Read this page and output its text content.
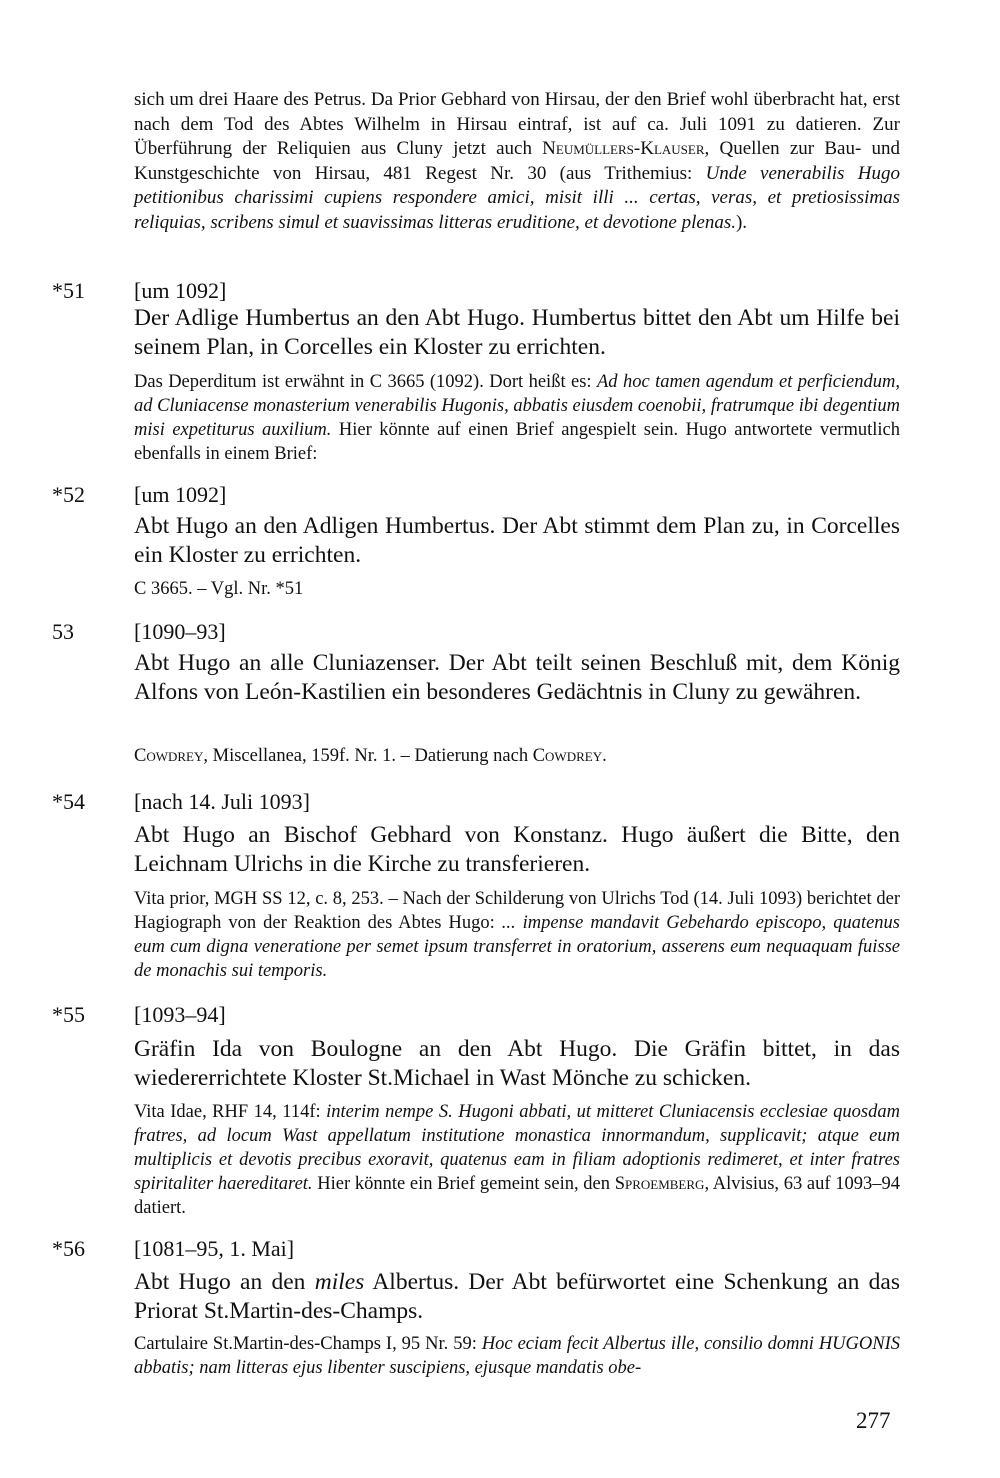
sich um drei Haare des Petrus. Da Prior Gebhard von Hirsau, der den Brief wohl überbracht hat, erst nach dem Tod des Abtes Wilhelm in Hirsau eintraf, ist auf ca. Juli 1091 zu datieren. Zur Überführung der Reliquien aus Cluny jetzt auch Neumüllers-Klauser, Quellen zur Bau- und Kunstgeschichte von Hirsau, 481 Regest Nr. 30 (aus Trithemius: Unde venerabilis Hugo petitionibus charissimi cupiens respondere amici, misit illi ... certas, veras, et pretiosissimas reliquias, scribens simul et suavissimas litteras eruditione, et devotione plenas.).

*51 [um 1092]

Der Adlige Humbertus an den Abt Hugo. Humbertus bittet den Abt um Hilfe bei seinem Plan, in Corcelles ein Kloster zu errichten.

Das Deperditum ist erwähnt in C 3665 (1092). Dort heißt es: Ad hoc tamen agendum et perficiendum, ad Cluniacense monasterium venerabilis Hugonis, abbatis eiusdem coenobii, fratrumque ibi degentium misi expetiturus auxilium. Hier könnte auf einen Brief angespielt sein. Hugo antwortete vermutlich ebenfalls in einem Brief:

*52 [um 1092]

Abt Hugo an den Adligen Humbertus. Der Abt stimmt dem Plan zu, in Corcelles ein Kloster zu errichten.

C 3665. – Vgl. Nr. *51

53	[1090–93]

Abt Hugo an alle Cluniazenser. Der Abt teilt seinen Beschluß mit, dem König Alfons von León-Kastilien ein besonderes Gedächtnis in Cluny zu gewähren.

Cowdrey, Miscellanea, 159f. Nr. 1. – Datierung nach Cowdrey.

*54 [nach 14. Juli 1093]

Abt Hugo an Bischof Gebhard von Konstanz. Hugo äußert die Bitte, den Leichnam Ulrichs in die Kirche zu transferieren.

Vita prior, MGH SS 12, c. 8, 253. – Nach der Schilderung von Ulrichs Tod (14. Juli 1093) berichtet der Hagiograph von der Reaktion des Abtes Hugo: ... impense mandavit Gebehardo episcopo, quatenus eum cum digna veneratione per semet ipsum transferret in oratorium, asserens eum nequaquam fuisse de monachis sui temporis.

*55 [1093–94]

Gräfin Ida von Boulogne an den Abt Hugo. Die Gräfin bittet, in das wiedererrichtete Kloster St.Michael in Wast Mönche zu schicken.

Vita Idae, RHF 14, 114f: interim nempe S. Hugoni abbati, ut mitteret Cluniacensis ecclesiae quosdam fratres, ad locum Wast appellatum institutione monastica innormandum, supplicavit; atque eum multiplicis et devotis precibus exoravit, quatenus eam in filiam adoptionis redimeret, et inter fratres spiritaliter haereditaret. Hier könnte ein Brief gemeint sein, den Sproemberg, Alvisius, 63 auf 1093–94 datiert.

*56 [1081–95, 1. Mai]

Abt Hugo an den miles Albertus. Der Abt befürwortet eine Schenkung an das Priorat St.Martin-des-Champs.

Cartulaire St.Martin-des-Champs I, 95 Nr. 59: Hoc eciam fecit Albertus ille, consilio domni HUGONIS abbatis; nam litteras ejus libenter suscipiens, ejusque mandatis obe-

277
